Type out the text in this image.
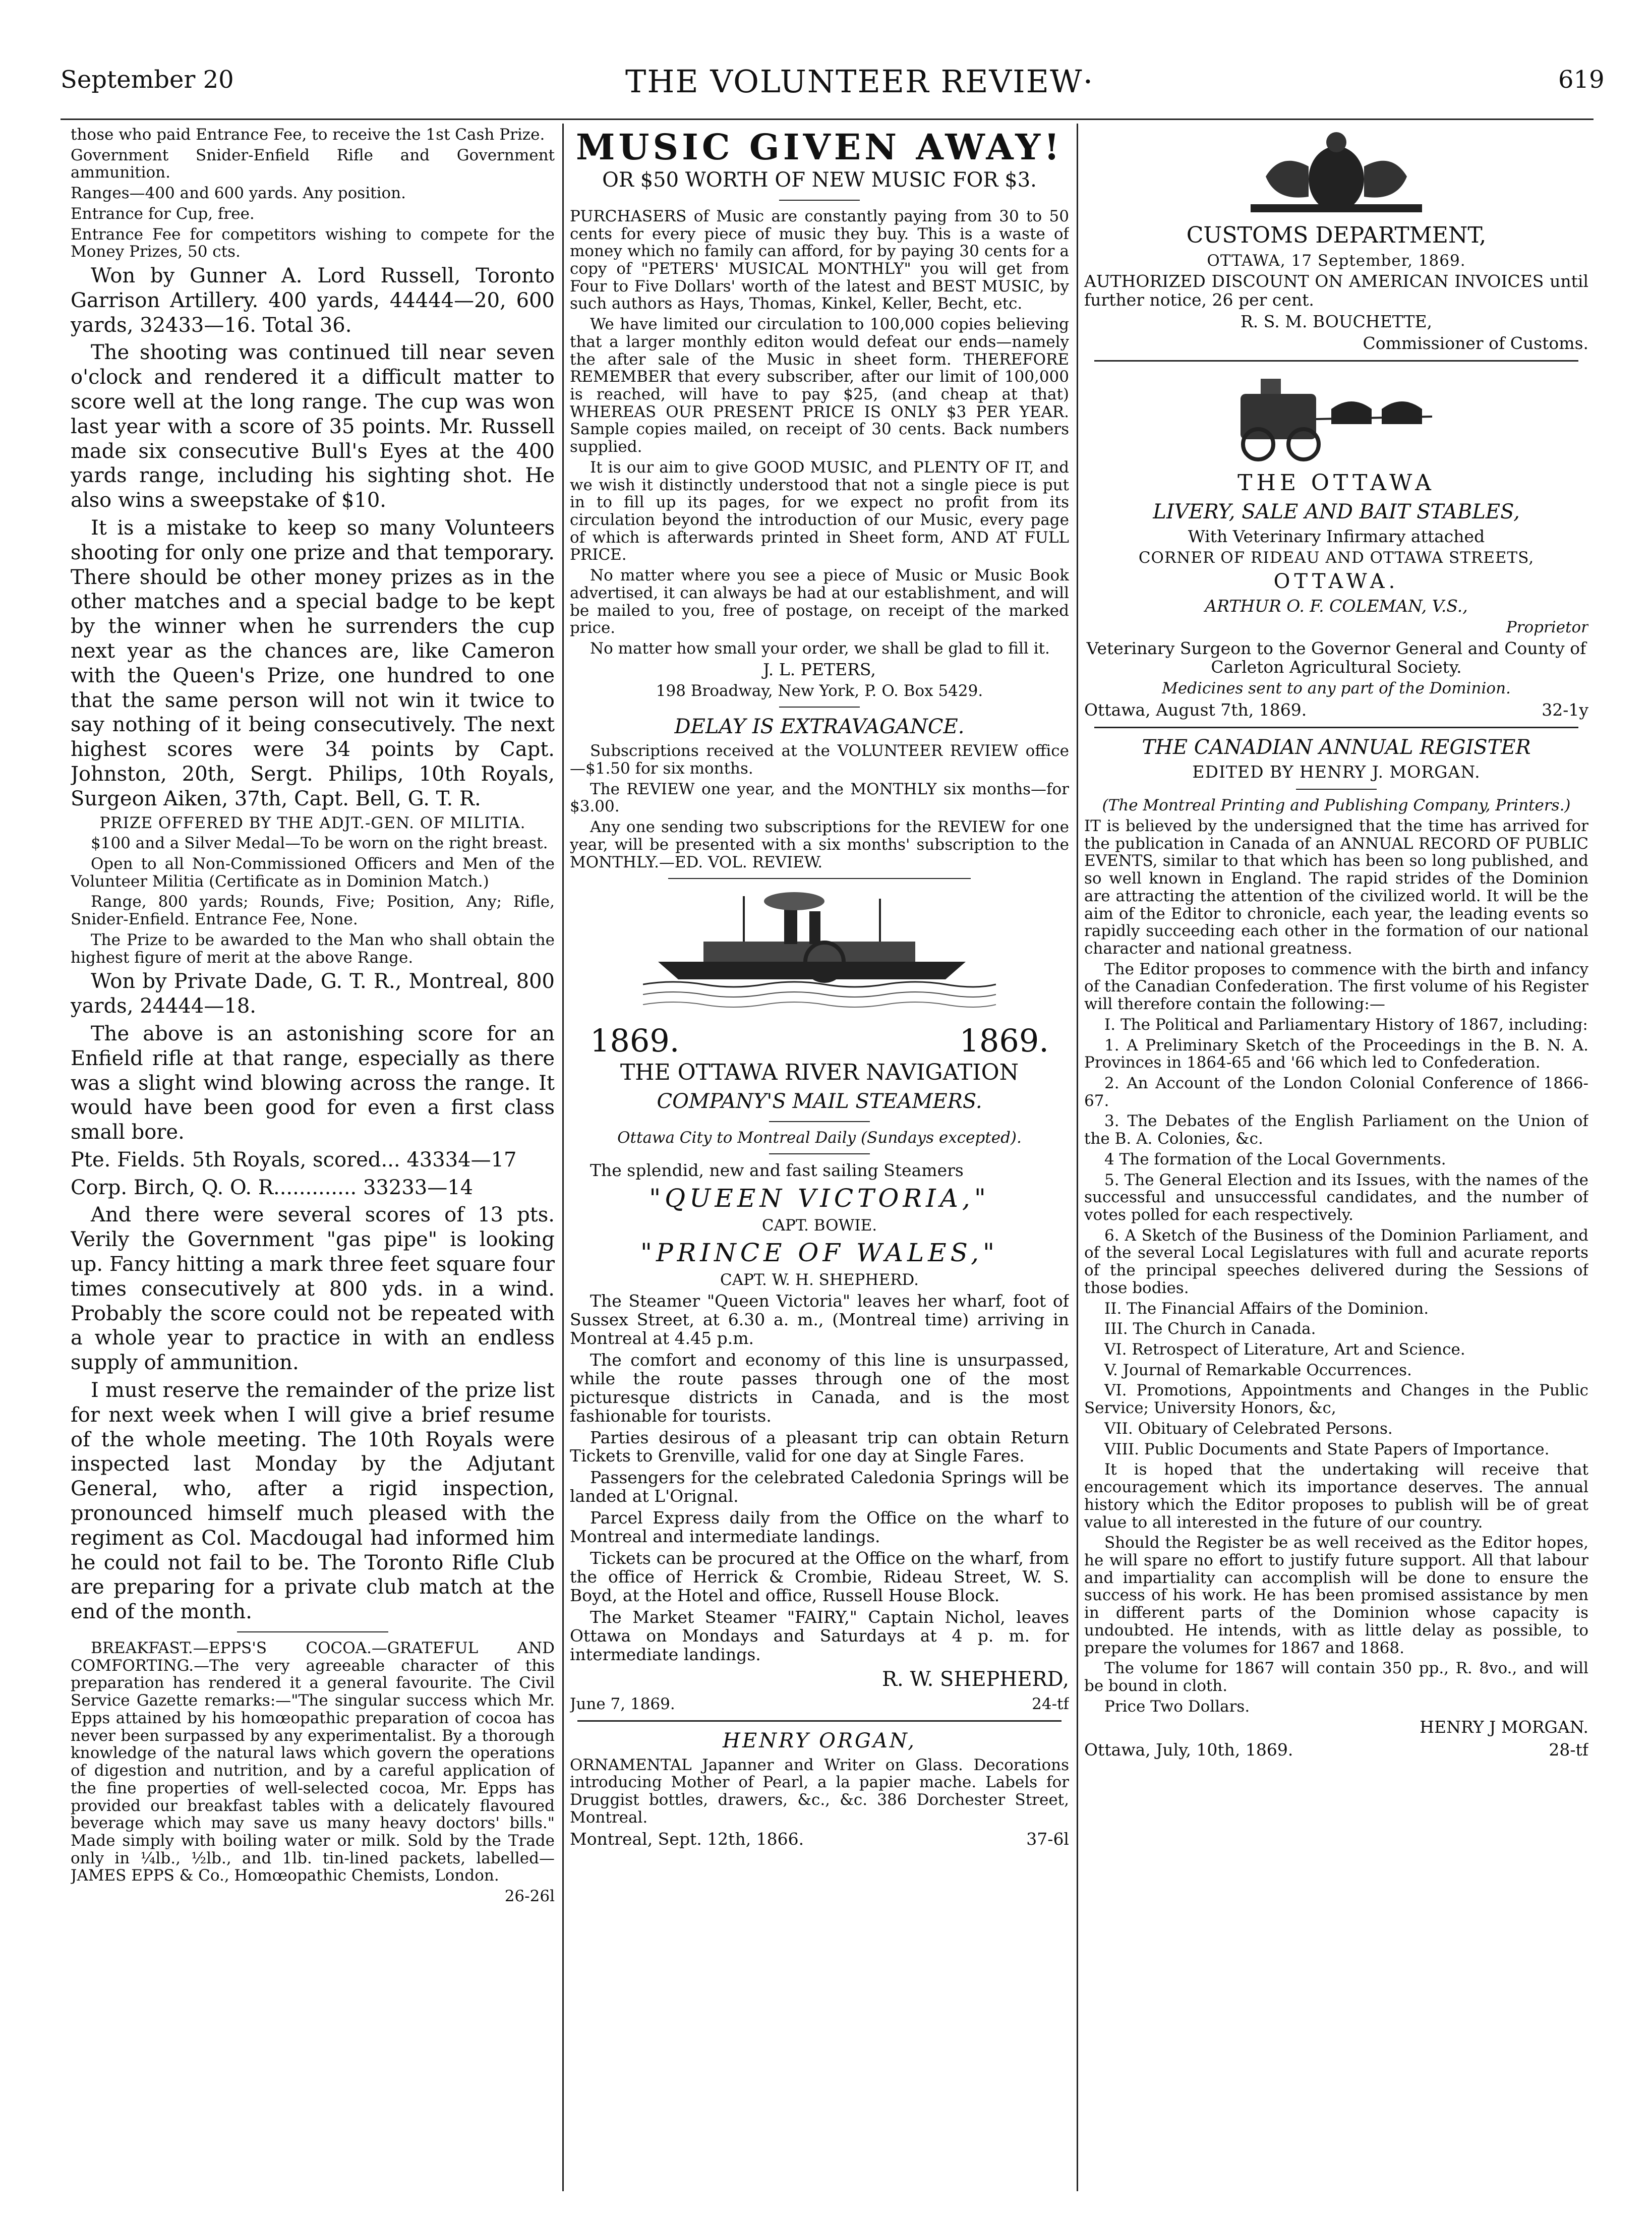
September 20	THE VOLUNTEER REVIEW·	619

those who paid Entrance Fee, to receive the 1st Cash Prize.

Government Snider-Enfield Rifle and Government ammunition.

Ranges—400 and 600 yards. Any position.

Entrance for Cup, free.

Entrance Fee for competitors wishing to compete for the Money Prizes, 50 cts.

Won by Gunner A. Lord Russell, Toronto Garrison Artillery. 400 yards, 44444—20, 600 yards, 32433—16. Total 36.

The shooting was continued till near seven o'clock and rendered it a difficult matter to score well at the long range. The cup was won last year with a score of 35 points. Mr. Russell made six consecutive Bull's Eyes at the 400 yards range, including his sighting shot. He also wins a sweepstake of $10.

It is a mistake to keep so many Volunteers shooting for only one prize and that temporary. There should be other money prizes as in the other matches and a special badge to be kept by the winner when he surrenders the cup next year as the chances are, like Cameron with the Queen's Prize, one hundred to one that the same person will not win it twice to say nothing of it being consecutively. The next highest scores were 34 points by Capt. Johnston, 20th, Sergt. Philips, 10th Royals, Surgeon Aiken, 37th, Capt. Bell, G. T. R.

PRIZE OFFERED BY THE ADJT.-GEN. OF MILITIA.

$100 and a Silver Medal—To be worn on the right breast.

Open to all Non-Commissioned Officers and Men of the Volunteer Militia (Certificate as in Dominion Match.)

Range, 800 yards; Rounds, Five; Position, Any; Rifle, Snider-Enfield. Entrance Fee, None.

The Prize to be awarded to the Man who shall obtain the highest figure of merit at the above Range.

Won by Private Dade, G. T. R., Montreal, 800 yards, 24444—18.

The above is an astonishing score for an Enfield rifle at that range, especially as there was a slight wind blowing across the range. It would have been good for even a first class small bore.

Pte. Fields. 5th Royals, scored... 43334—17

Corp. Birch, Q. O. R............. 33233—14

And there were several scores of 13 pts. Verily the Government "gas pipe" is looking up. Fancy hitting a mark three feet square four times consecutively at 800 yds. in a wind. Probably the score could not be repeated with a whole year to practice in with an endless supply of ammunition.

I must reserve the remainder of the prize list for next week when I will give a brief resume of the whole meeting. The 10th Royals were inspected last Monday by the Adjutant General, who, after a rigid inspection, pronounced himself much pleased with the regiment as Col. Macdougal had informed him he could not fail to be. The Toronto Rifle Club are preparing for a private club match at the end of the month.

BREAKFAST.—EPPS'S COCOA.—GRATEFUL AND COMFORTING.—The very agreeable character of this preparation has rendered it a general favourite. The Civil Service Gazette remarks:—"The singular success which Mr. Epps attained by his homœopathic preparation of cocoa has never been surpassed by any experimentalist. By a thorough knowledge of the natural laws which govern the operations of digestion and nutrition, and by a careful application of the fine properties of well-selected cocoa, Mr. Epps has provided our breakfast tables with a delicately flavoured beverage which may save us many heavy doctors' bills." Made simply with boiling water or milk. Sold by the Trade only in ¼lb., ½lb., and 1lb. tin-lined packets, labelled—JAMES EPPS & Co., Homœopathic Chemists, London.

26-26l

MUSIC GIVEN AWAY!

OR $50 WORTH OF NEW MUSIC FOR $3.

PURCHASERS of Music are constantly paying from 30 to 50 cents for every piece of music they buy. This is a waste of money which no family can afford, for by paying 30 cents for a copy of "PETERS' MUSICAL MONTHLY" you will get from Four to Five Dollars' worth of the latest and BEST MUSIC, by such authors as Hays, Thomas, Kinkel, Keller, Becht, etc.

We have limited our circulation to 100,000 copies believing that a larger monthly editon would defeat our ends—namely the after sale of the Music in sheet form. THEREFORE REMEMBER that every subscriber, after our limit of 100,000 is reached, will have to pay $25, (and cheap at that) WHEREAS OUR PRESENT PRICE IS ONLY $3 PER YEAR. Sample copies mailed, on receipt of 30 cents. Back numbers supplied.

It is our aim to give GOOD MUSIC, and PLENTY OF IT, and we wish it distinctly understood that not a single piece is put in to fill up its pages, for we expect no profit from its circulation beyond the introduction of our Music, every page of which is afterwards printed in Sheet form, AND AT FULL PRICE.

No matter where you see a piece of Music or Music Book advertised, it can always be had at our establishment, and will be mailed to you, free of postage, on receipt of the marked price.

No matter how small your order, we shall be glad to fill it.

J. L. PETERS,

198 Broadway, New York, P. O. Box 5429.

DELAY IS EXTRAVAGANCE.

Subscriptions received at the VOLUNTEER REVIEW office—$1.50 for six months.

The REVIEW one year, and the MONTHLY six months—for $3.00.

Any one sending two subscriptions for the REVIEW for one year, will be presented with a six months' subscription to the MONTHLY.—ED. VOL. REVIEW.

1869.	1869.

THE OTTAWA RIVER NAVIGATION

COMPANY'S MAIL STEAMERS.

Ottawa City to Montreal Daily (Sundays excepted).

The splendid, new and fast sailing Steamers

"QUEEN VICTORIA,"

CAPT. BOWIE.

"PRINCE OF WALES,"

CAPT. W. H. SHEPHERD.

The Steamer "Queen Victoria" leaves her wharf, foot of Sussex Street, at 6.30 a. m., (Montreal time) arriving in Montreal at 4.45 p.m.

The comfort and economy of this line is unsurpassed, while the route passes through one of the most picturesque districts in Canada, and is the most fashionable for tourists.

Parties desirous of a pleasant trip can obtain Return Tickets to Grenville, valid for one day at Single Fares.

Passengers for the celebrated Caledonia Springs will be landed at L'Orignal.

Parcel Express daily from the Office on the wharf to Montreal and intermediate landings.

Tickets can be procured at the Office on the wharf, from the office of Herrick & Crombie, Rideau Street, W. S. Boyd, at the Hotel and office, Russell House Block.

The Market Steamer "FAIRY," Captain Nichol, leaves Ottawa on Mondays and Saturdays at 4 p. m. for intermediate landings.

R. W. SHEPHERD,

June 7, 1869.	24-tf

HENRY ORGAN,

ORNAMENTAL Japanner and Writer on Glass. Decorations introducing Mother of Pearl, a la papier mache. Labels for Druggist bottles, drawers, &c., &c. 386 Dorchester Street, Montreal.

Montreal, Sept. 12th, 1866.	37-6l

CUSTOMS DEPARTMENT,

OTTAWA, 17 September, 1869.

AUTHORIZED DISCOUNT ON AMERICAN INVOICES until further notice, 26 per cent.

R. S. M. BOUCHETTE,

Commissioner of Customs.

THE OTTAWA

LIVERY, SALE AND BAIT STABLES,

With Veterinary Infirmary attached

CORNER OF RIDEAU AND OTTAWA STREETS,

OTTAWA.

ARTHUR O. F. COLEMAN, V.S.,

Proprietor

Veterinary Surgeon to the Governor General and County of Carleton Agricultural Society.

Medicines sent to any part of the Dominion.

Ottawa, August 7th, 1869.	32-1y

THE CANADIAN ANNUAL REGISTER

EDITED BY HENRY J. MORGAN.

(The Montreal Printing and Publishing Company, Printers.)

IT is believed by the undersigned that the time has arrived for the publication in Canada of an ANNUAL RECORD OF PUBLIC EVENTS, similar to that which has been so long published, and so well known in England. The rapid strides of the Dominion are attracting the attention of the civilized world. It will be the aim of the Editor to chronicle, each year, the leading events so rapidly succeeding each other in the formation of our national character and national greatness.

The Editor proposes to commence with the birth and infancy of the Canadian Confederation. The first volume of his Register will therefore contain the following:—

I. The Political and Parliamentary History of 1867, including:

1. A Preliminary Sketch of the Proceedings in the B. N. A. Provinces in 1864-65 and '66 which led to Confederation.

2. An Account of the London Colonial Conference of 1866-67.

3. The Debates of the English Parliament on the Union of the B. A. Colonies, &c.

4 The formation of the Local Governments.

5. The General Election and its Issues, with the names of the successful and unsuccessful candidates, and the number of votes polled for each respectively.

6. A Sketch of the Business of the Dominion Parliament, and of the several Local Legislatures with full and acurate reports of the principal speeches delivered during the Sessions of those bodies.

II. The Financial Affairs of the Dominion.

III. The Church in Canada.

VI. Retrospect of Literature, Art and Science.

V. Journal of Remarkable Occurrences.

VI. Promotions, Appointments and Changes in the Public Service; University Honors, &c,

VII. Obituary of Celebrated Persons.

VIII. Public Documents and State Papers of Importance.

It is hoped that the undertaking will receive that encouragement which its importance deserves. The annual history which the Editor proposes to publish will be of great value to all interested in the future of our country.

Should the Register be as well received as the Editor hopes, he will spare no effort to justify future support. All that labour and impartiality can accomplish will be done to ensure the success of his work. He has been promised assistance by men in different parts of the Dominion whose capacity is undoubted. He intends, with as little delay as possible, to prepare the volumes for 1867 and 1868.

The volume for 1867 will contain 350 pp., R. 8vo., and will be bound in cloth.

Price Two Dollars.

HENRY J MORGAN.

Ottawa, July, 10th, 1869.	28-tf
